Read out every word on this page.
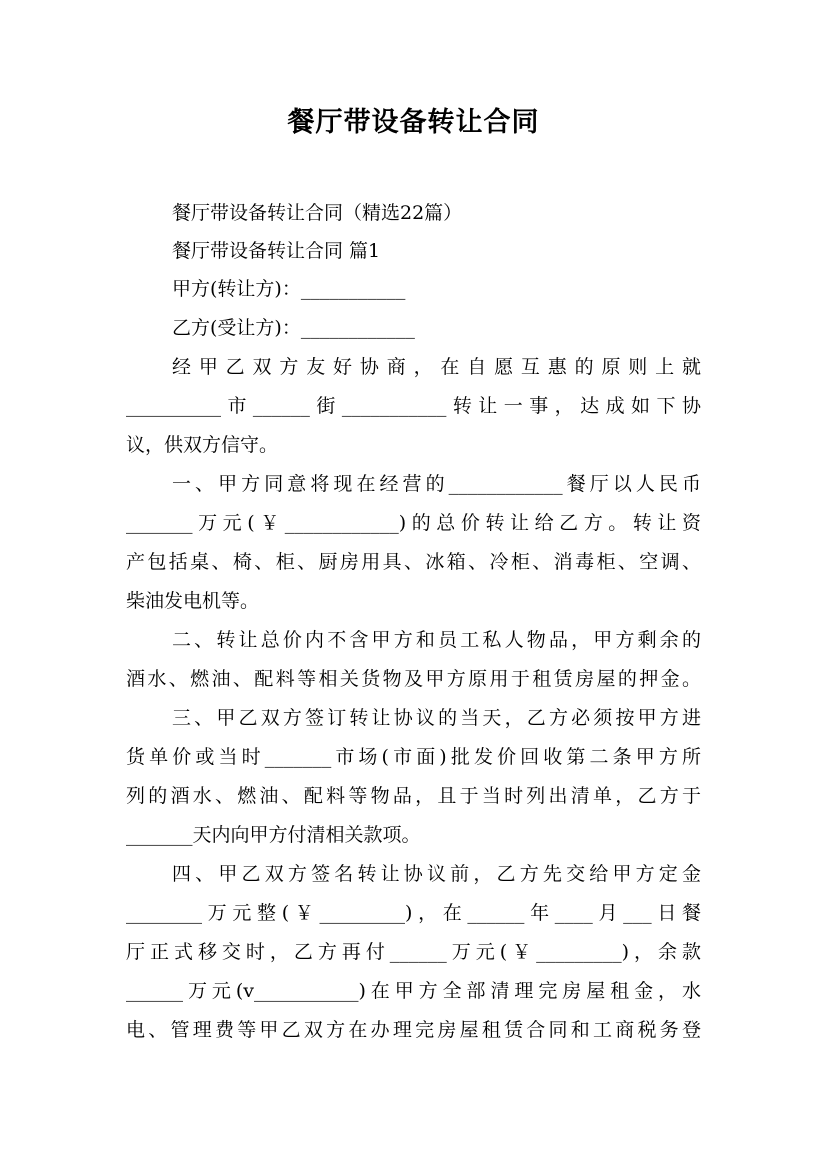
餐厅带设备转让合同
餐厅带设备转让合同（精选22篇）
餐厅带设备转让合同 篇1
甲方(转让方)：___________
乙方(受让方)：____________
经甲乙双方友好协商，在自愿互惠的原则上就
__________市______街___________转让一事，达成如下协
议，供双方信守。
一、甲方同意将现在经营的____________餐厅以人民币
_______万元(￥____________)的总价转让给乙方。转让资
产包括桌、椅、柜、厨房用具、冰箱、冷柜、消毒柜、空调、
柴油发电机等。
二、转让总价内不含甲方和员工私人物品，甲方剩余的
酒水、燃油、配料等相关货物及甲方原用于租赁房屋的押金。
三、甲乙双方签订转让协议的当天，乙方必须按甲方进
货单价或当时_______市场(市面)批发价回收第二条甲方所
列的酒水、燃油、配料等物品，且于当时列出清单，乙方于
_______天内向甲方付清相关款项。
四、甲乙双方签名转让协议前，乙方先交给甲方定金
________万元整(￥_________)，在______年____月___日餐
厅正式移交时，乙方再付______万元(￥_________)，余款
______万元(v___________)在甲方全部清理完房屋租金，水
电、管理费等甲乙双方在办理完房屋租赁合同和工商税务登
